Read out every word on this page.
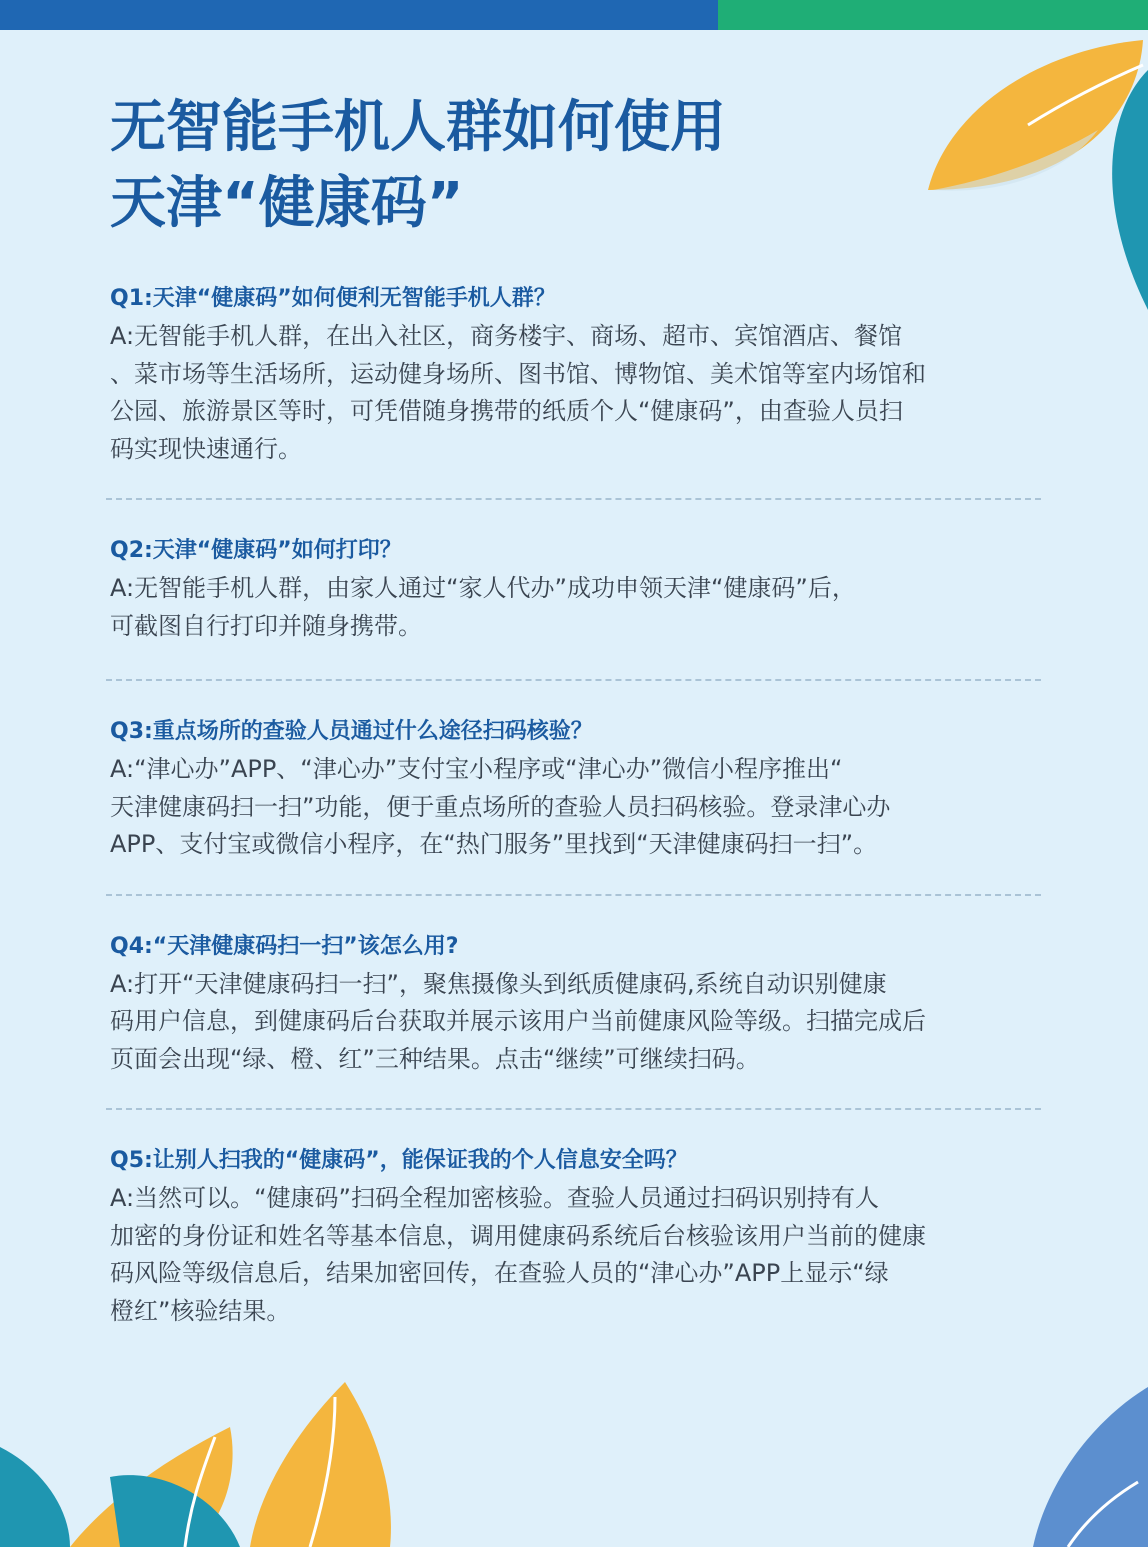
无智能手机人群如何使用
天津“健康码”

Q1:天津“健康码”如何便利无智能手机人群？

A:无智能手机人群，在出入社区，商务楼宇、商场、超市、宾馆酒店、餐馆
、菜市场等生活场所，运动健身场所、图书馆、博物馆、美术馆等室内场馆和
公园、旅游景区等时，可凭借随身携带的纸质个人“健康码”，由查验人员扫
码实现快速通行。

Q2:天津“健康码”如何打印？

A:无智能手机人群，由家人通过“家人代办”成功申领天津“健康码”后，
可截图自行打印并随身携带。

Q3:重点场所的查验人员通过什么途径扫码核验？

A:“津心办”APP、“津心办”支付宝小程序或“津心办”微信小程序推出“
天津健康码扫一扫”功能，便于重点场所的查验人员扫码核验。登录津心办
APP、支付宝或微信小程序，在“热门服务”里找到“天津健康码扫一扫”。

Q4:“天津健康码扫一扫”该怎么用?

A:打开“天津健康码扫一扫”，聚焦摄像头到纸质健康码,系统自动识别健康
码用户信息，到健康码后台获取并展示该用户当前健康风险等级。扫描完成后
页面会出现“绿、橙、红”三种结果。点击“继续”可继续扫码。

Q5:让别人扫我的“健康码”，能保证我的个人信息安全吗？

A:当然可以。“健康码”扫码全程加密核验。查验人员通过扫码识别持有人
加密的身份证和姓名等基本信息，调用健康码系统后台核验该用户当前的健康
码风险等级信息后，结果加密回传，在查验人员的“津心办”APP上显示“绿
橙红”核验结果。
